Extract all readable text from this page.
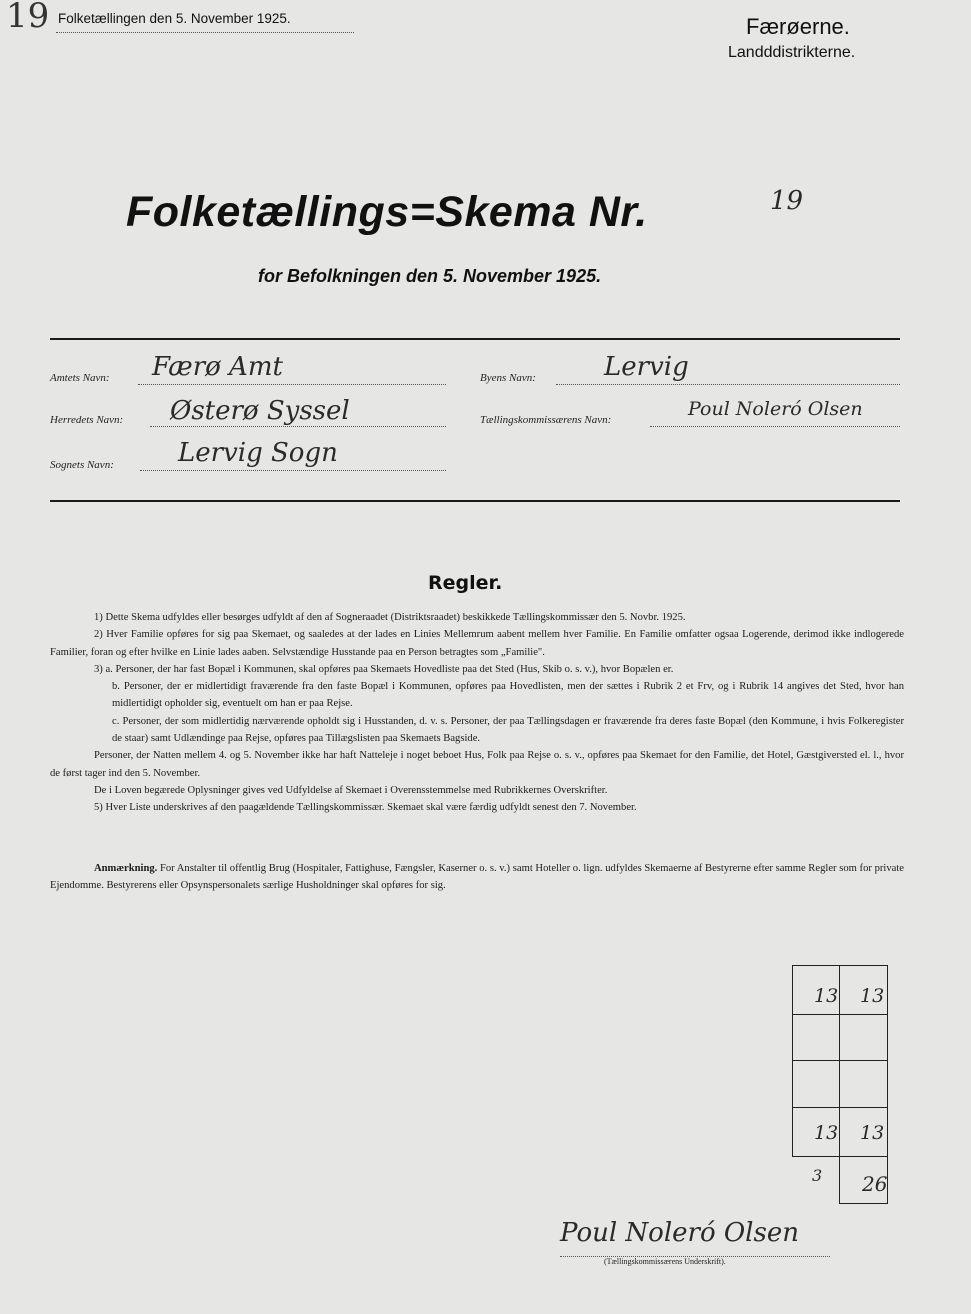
19 Folketællingen den 5. November 1925.	Færøerne.
Landddistrikterne.
Folketællings=Skema Nr.	19
for Befolkningen den 5. November 1925.
Amtets Navn: Færø Amt
Herredets Navn: Østerø Syssel
Sognets Navn: Lervig Sogn
Byens Navn:	Lervig
Tællingskommissærens Navn:	Poul Noleró Olsen
Regler.

1) Dette Skema udfyldes eller besørges udfyldt af den af Sogneraadet (Distriktsraadet) beskikkede Tællingskommissær den 5. Novbr. 1925.

2) Hver Familie opføres for sig paa Skemaet, og saaledes at der lades en Linies Mellemrum aabent mellem hver Familie. En Familie omfatter ogsaa Logerende, derimod ikke indlogerede Familier, foran og efter hvilke en Linie lades aaben. Selvstændige Husstande paa en Person betragtes som „Familie".

3) a. Personer, der har fast Bopæl i Kommunen, skal opføres paa Skemaets Hovedliste paa det Sted (Hus, Skib o. s. v.), hvor Bopælen er.

b. Personer, der er midlertidigt fraværende fra den faste Bopæl i Kommunen, opføres paa Hovedlisten, men der sættes i Rubrik 2 et Frv, og i Rubrik 14 angives det Sted, hvor han midlertidigt opholder sig, eventuelt om han er paa Rejse.

c. Personer, der som midlertidig nærværende opholdt sig i Husstanden, d. v. s. Personer, der paa Tællingsdagen er fraværende fra deres faste Bopæl (den Kommune, i hvis Folkeregister de staar) samt Udlændinge paa Rejse, opføres paa Tillægslisten paa Skemaets Bagside.

Personer, der Natten mellem 4. og 5. November ikke har haft Natteleje i noget beboet Hus, Folk paa Rejse o. s. v., opføres paa Skemaet for den Familie, det Hotel, Gæstgiversted el. l., hvor de først tager ind den 5. November.

De i Loven begærede Oplysninger gives ved Udfyldelse af Skemaet i Overensstemmelse med Rubrikkernes Overskrifter.

5) Hver Liste underskrives af den paagældende Tællingskommissær. Skemaet skal være færdig udfyldt senest den 7. November.

Anmærkning. For Anstalter til offentlig Brug (Hospitaler, Fattighuse, Fængsler, Kaserner o. s. v.) samt Hoteller o. lign. udfyldes Skemaerne af Bestyrerne efter samme Regler som for private Ejendomme. Bestyrerens eller Opsynspersonalets særlige Husholdninger skal opføres for sig.
13 13
13 13
3 26
Poul Noleró Olsen
(Tællingskommissærens Underskrift).
